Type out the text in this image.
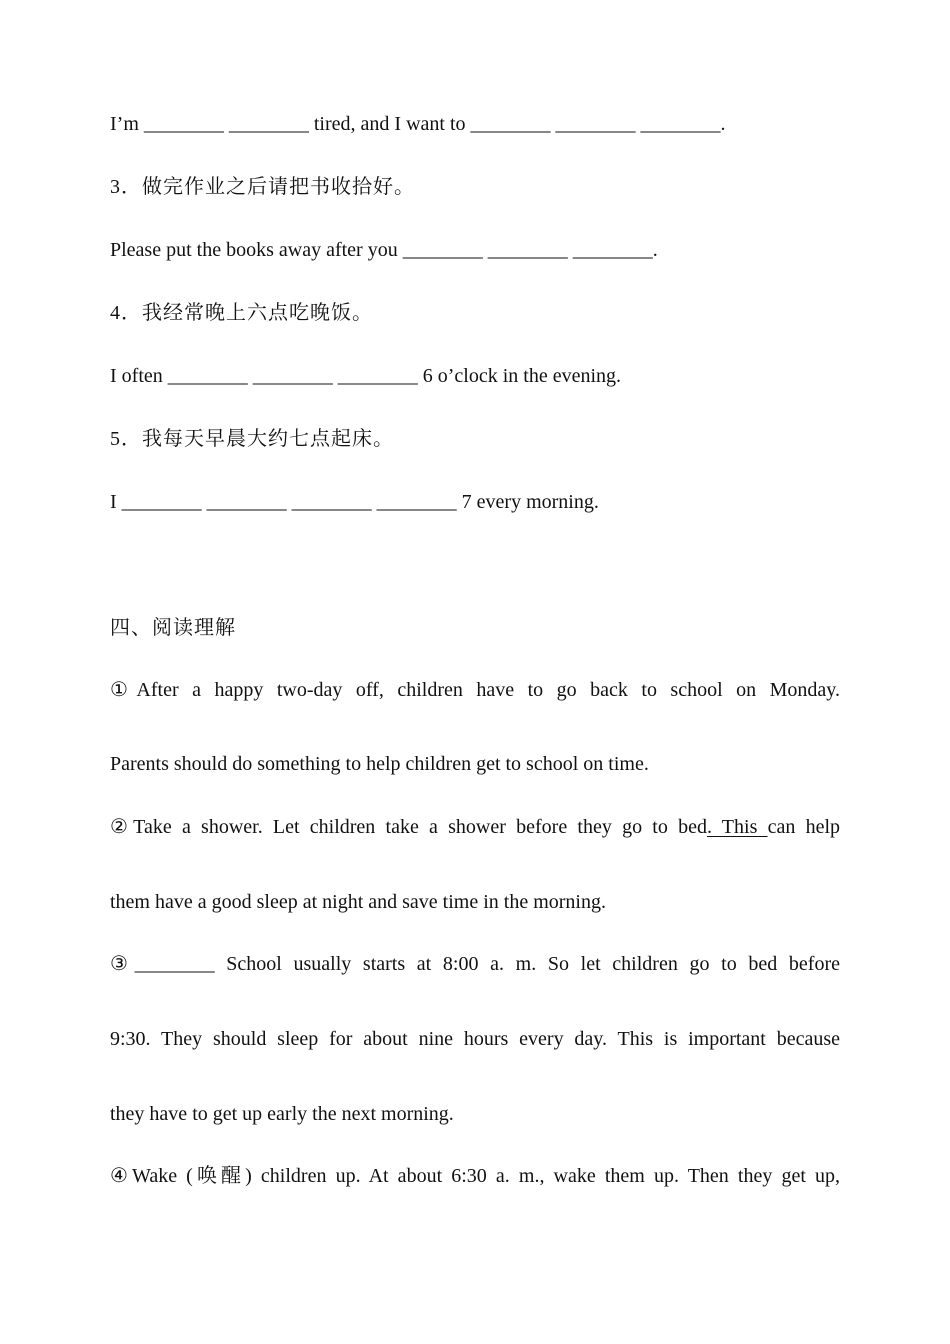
I’m ________ ________ tired, and I want to ________ ________ ________.
3．做完作业之后请把书收拾好。
Please put the books away after you ________ ________ ________.
4．我经常晚上六点吃晚饭。
I often ________ ________ ________ 6 o’clock in the evening.
5．我每天早晨大约七点起床。
I ________ ________ ________ ________ 7 every morning.
四、阅读理解
①After a happy two-day off, children have to go back to school on Monday.
Parents should do something to help children get to school on time.
②Take a shower. Let children take a shower before they go to bed. This can help
them have a good sleep at night and save time in the morning.
③________ School usually starts at 8:00 a. m. So let children go to bed before
9:30. They should sleep for about nine hours every day. This is important because
they have to get up early the next morning.
④Wake (唤醒) children up. At about 6:30 a. m., wake them up. Then they get up,
